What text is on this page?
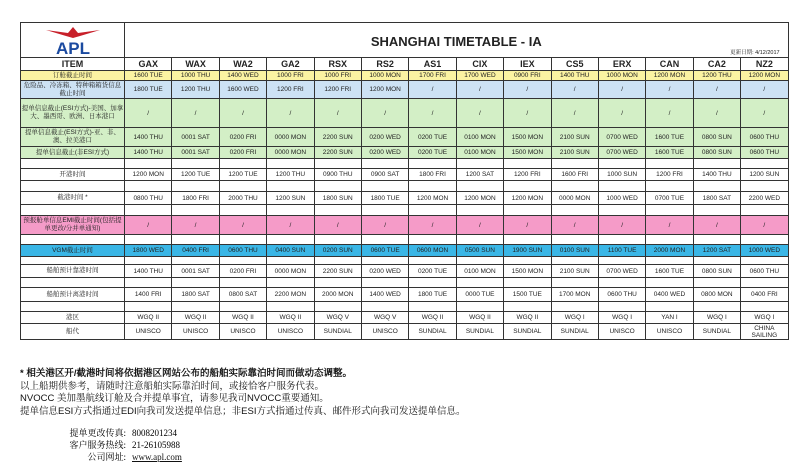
APL	SHANGHAI TIMETABLE - IA
更新日期: 4/12/2017													

ITEM	GAX	WAX	WA2	GA2	RSX	RS2	AS1	CIX	IEX	CS5	ERX	CAN	CA2	NZ2
订舱截止时间	1600 TUE	1000 THU	1400 WED	1000 FRI	1000 FRI	1000 MON	1700 FRI	1700 WED	0900 FRI	1400 THU	1000 MON	1200 MON	1200 THU	1200 MON
危险品、冷冻箱、特种箱箱货信息截止时间	1800 TUE	1200 THU	1600 WED	1200 FRI	1200 FRI	1200 MON	/	/	/	/	/	/	/	/
提单信息截止(ESI方式)-美国、加拿大、墨西哥、欧洲、日本港口	/	/	/	/	/	/	/	/	/	/	/	/	/	/
提单信息截止(ESI方式)-亚、非、澳、拉美港口	1400 THU	0001 SAT	0200 FRI	0000 MON	2200 SUN	0200 WED	0200 TUE	0100 MON	1500 MON	2100 SUN	0700 WED	1600 TUE	0800 SUN	0600 THU
提单信息截止(非ESI方式)	1400 THU	0001 SAT	0200 FRI	0000 MON	2200 SUN	0200 WED	0200 TUE	0100 MON	1500 MON	2100 SUN	0700 WED	1600 TUE	0800 SUN	0600 THU

开港时间	1200 MON	1200 TUE	1200 TUE	1200 THU	0900 THU	0900 SAT	1800 FRI	1200 SAT	1200 FRI	1600 FRI	1000 SUN	1200 FRI	1400 THU	1200 SUN

截港时间 *	0800 THU	1800 FRI	2000 THU	1200 SUN	1800 SUN	1800 TUE	1200 MON	1200 MON	1200 MON	0000 MON	1000 WED	0700 TUE	1800 SAT	2200 WED

预报舱单信息EMI截止时间(包括提单更改/分并单通知)	/	/	/	/	/	/	/	/	/	/	/	/	/	/

VGM截止时间	1800 WED	0400 FRI	0600 THU	0400 SUN	0200 SUN	0600 TUE	0600 MON	0500 SUN	1900 SUN	0100 SUN	1100 TUE	2000 MON	1200 SAT	1000 WED

船舶预计靠港时间	1400 THU	0001 SAT	0200 FRI	0000 MON	2200 SUN	0200 WED	0200 TUE	0100 MON	1500 MON	2100 SUN	0700 WED	1600 TUE	0800 SUN	0600 THU

船舶预计离港时间	1400 FRI	1800 SAT	0800 SAT	2200 MON	2000 MON	1400 WED	1800 TUE	0000 TUE	1500 TUE	1700 MON	0600 THU	0400 WED	0800 MON	0400 FRI

港区	WGQ II	WGQ II	WGQ II	WGQ II	WGQ V	WGQ V	WGQ II	WGQ II	WGQ II	WGQ I	WGQ I	YAN I	WGQ I	WGQ I
船代	UNISCO	UNISCO	UNISCO	UNISCO	SUNDIAL	UNISCO	SUNDIAL	SUNDIAL	SUNDIAL	SUNDIAL	UNISCO	UNISCO	SUNDIAL	CHINA SAILING
* 相关港区开/截港时间将依据港区网站公布的船舶实际靠泊时间而做动态调整。
以上船期供参考，请随时注意船舶实际靠泊时间，或接恰客户服务代表。
NVOCC 美加墨航线订舱及合并提单事宜，请参见我司NVOCC重要通知。
提单信息ESI方式指通过EDI向我司发送提单信息；非ESI方式指通过传真、邮件形式向我司发送提单信息。
提单更改传真: 8008201234
客户服务热线: 21-26105988
公司网址: www.apl.com
